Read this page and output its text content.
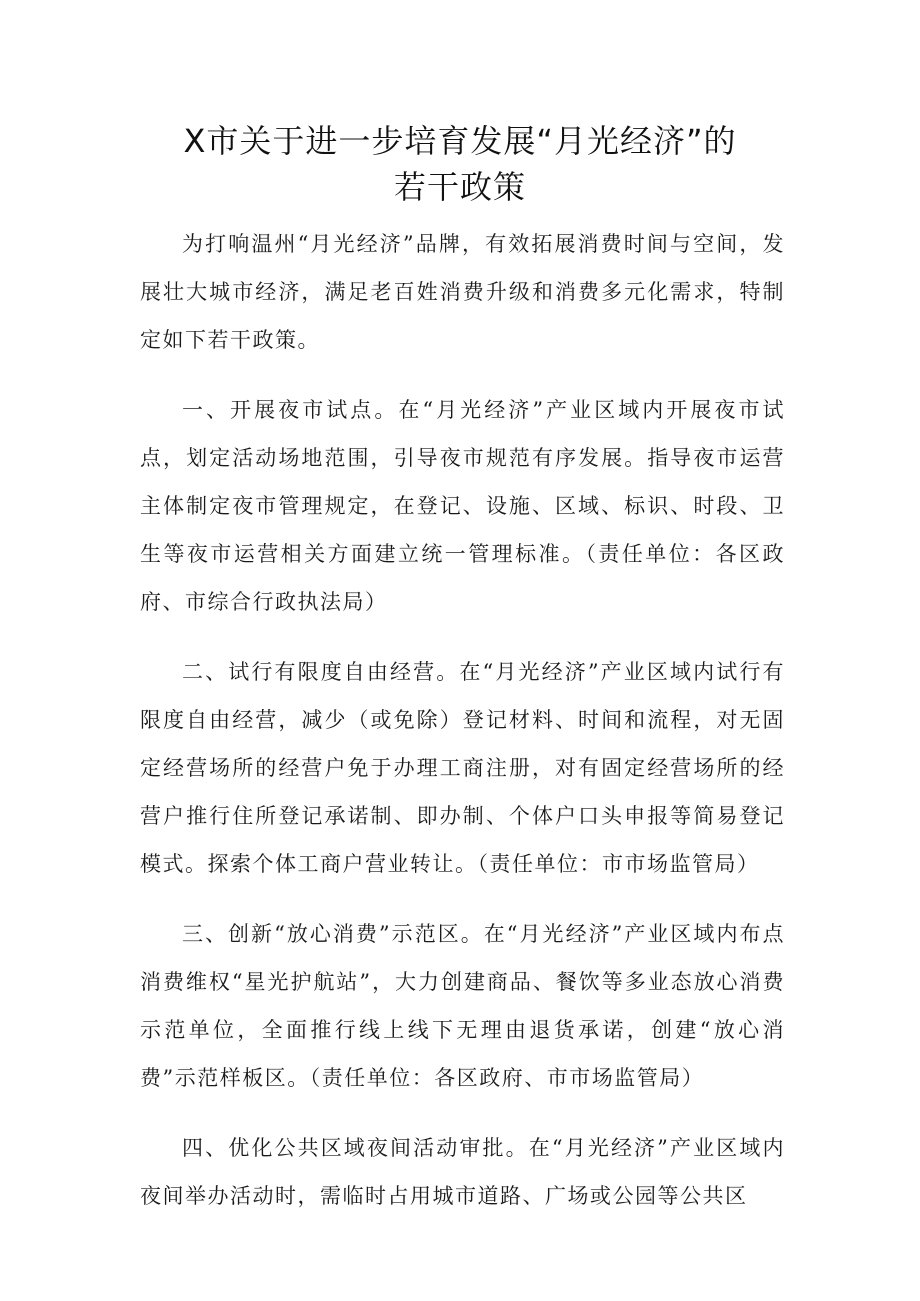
X市关于进一步培育发展“月光经济”的
若干政策

为打响温州“月光经济”品牌，有效拓展消费时间与空间，发展壮大城市经济，满足老百姓消费升级和消费多元化需求，特制定如下若干政策。

一、开展夜市试点。在“月光经济”产业区域内开展夜市试点，划定活动场地范围，引导夜市规范有序发展。指导夜市运营主体制定夜市管理规定，在登记、设施、区域、标识、时段、卫生等夜市运营相关方面建立统一管理标准。（责任单位：各区政府、市综合行政执法局）

二、试行有限度自由经营。在“月光经济”产业区域内试行有限度自由经营，减少（或免除）登记材料、时间和流程，对无固定经营场所的经营户免于办理工商注册，对有固定经营场所的经营户推行住所登记承诺制、即办制、个体户口头申报等简易登记模式。探索个体工商户营业转让。（责任单位：市市场监管局）

三、创新“放心消费”示范区。在“月光经济”产业区域内布点消费维权“星光护航站”，大力创建商品、餐饮等多业态放心消费示范单位，全面推行线上线下无理由退货承诺，创建“放心消费”示范样板区。（责任单位：各区政府、市市场监管局）

四、优化公共区域夜间活动审批。在“月光经济”产业区域内夜间举办活动时，需临时占用城市道路、广场或公园等公共区
